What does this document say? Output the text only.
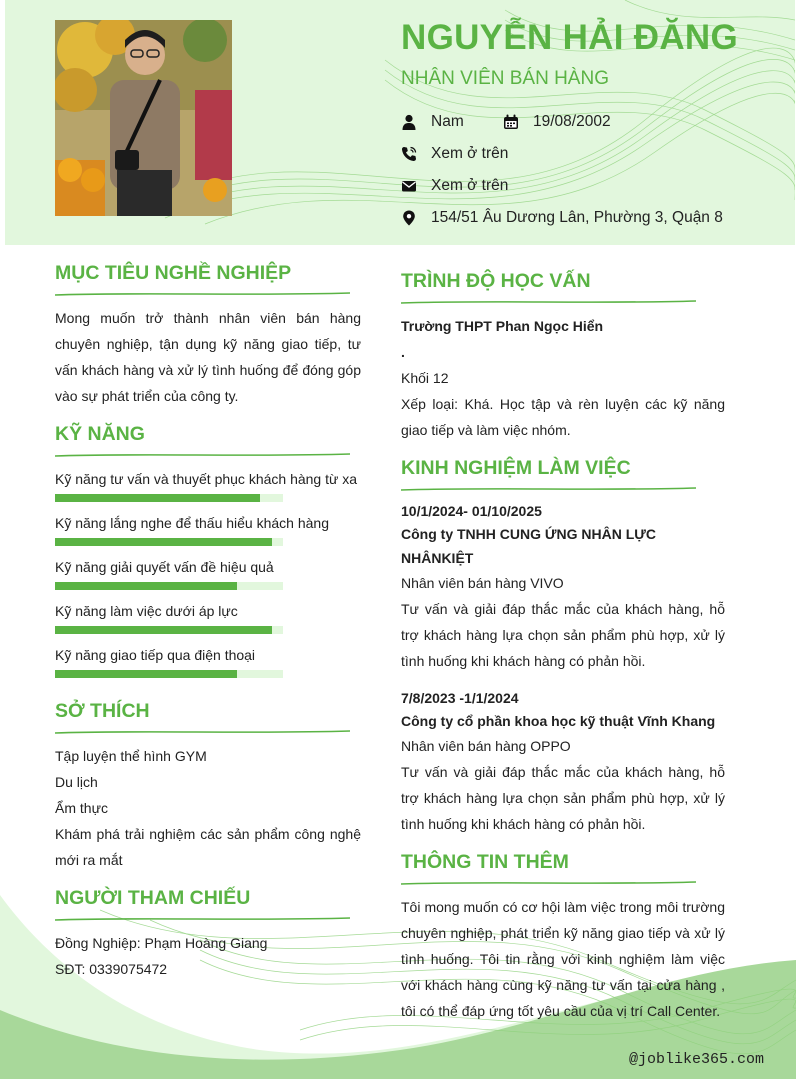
NGUYỄN HẢI ĐĂNG
NHÂN VIÊN BÁN HÀNG
Nam	19/08/2002
Xem ở trên
Xem ở trên
154/51 Âu Dương Lân, Phường 3, Quận 8
@joblike365.com
MỤC TIÊU NGHỀ NGHIỆP
Mong muốn trở thành nhân viên bán hàng chuyên nghiệp, tận dụng kỹ năng giao tiếp, tư vấn khách hàng và xử lý tình huống để đóng góp vào sự phát triển của công ty.
KỸ NĂNG
Kỹ năng tư vấn và thuyết phục khách hàng từ xa
Kỹ năng lắng nghe để thấu hiểu khách hàng
Kỹ năng giải quyết vấn đề hiệu quả
Kỹ năng làm việc dưới áp lực
Kỹ năng giao tiếp qua điện thoại
SỞ THÍCH
Tập luyện thể hình GYM
Du lịch
Ẩm thực
Khám phá trải nghiệm các sản phẩm công nghệ mới ra mắt
NGƯỜI THAM CHIẾU
Đồng Nghiệp: Phạm Hoàng Giang
SĐT: 0339075472
TRÌNH ĐỘ HỌC VẤN
Trường THPT Phan Ngọc Hiển
.
Khối 12
Xếp loại: Khá. Học tập và rèn luyện các kỹ năng giao tiếp và làm việc nhóm.
KINH NGHIỆM LÀM VIỆC
10/1/2024- 01/10/2025
Công ty TNHH CUNG ỨNG NHÂN LỰC NHÂNKIỆT
Nhân viên bán hàng VIVO
Tư vấn và giải đáp thắc mắc của khách hàng, hỗ trợ khách hàng lựa chọn sản phẩm phù hợp, xử lý tình huống khi khách hàng có phản hồi.
7/8/2023 -1/1/2024
Công ty cổ phần khoa học kỹ thuật Vĩnh Khang
Nhân viên bán hàng OPPO
Tư vấn và giải đáp thắc mắc của khách hàng, hỗ trợ khách hàng lựa chọn sản phẩm phù hợp, xử lý tình huống khi khách hàng có phản hồi.
THÔNG TIN THÊM
Tôi mong muốn có cơ hội làm việc trong môi trường chuyên nghiệp, phát triển kỹ năng giao tiếp và xử lý tình huống. Tôi tin rằng với kinh nghiệm làm việc với khách hàng cùng kỹ năng tư vấn tại cửa hàng , tôi có thể đáp ứng tốt yêu cầu của vị trí Call Center.
